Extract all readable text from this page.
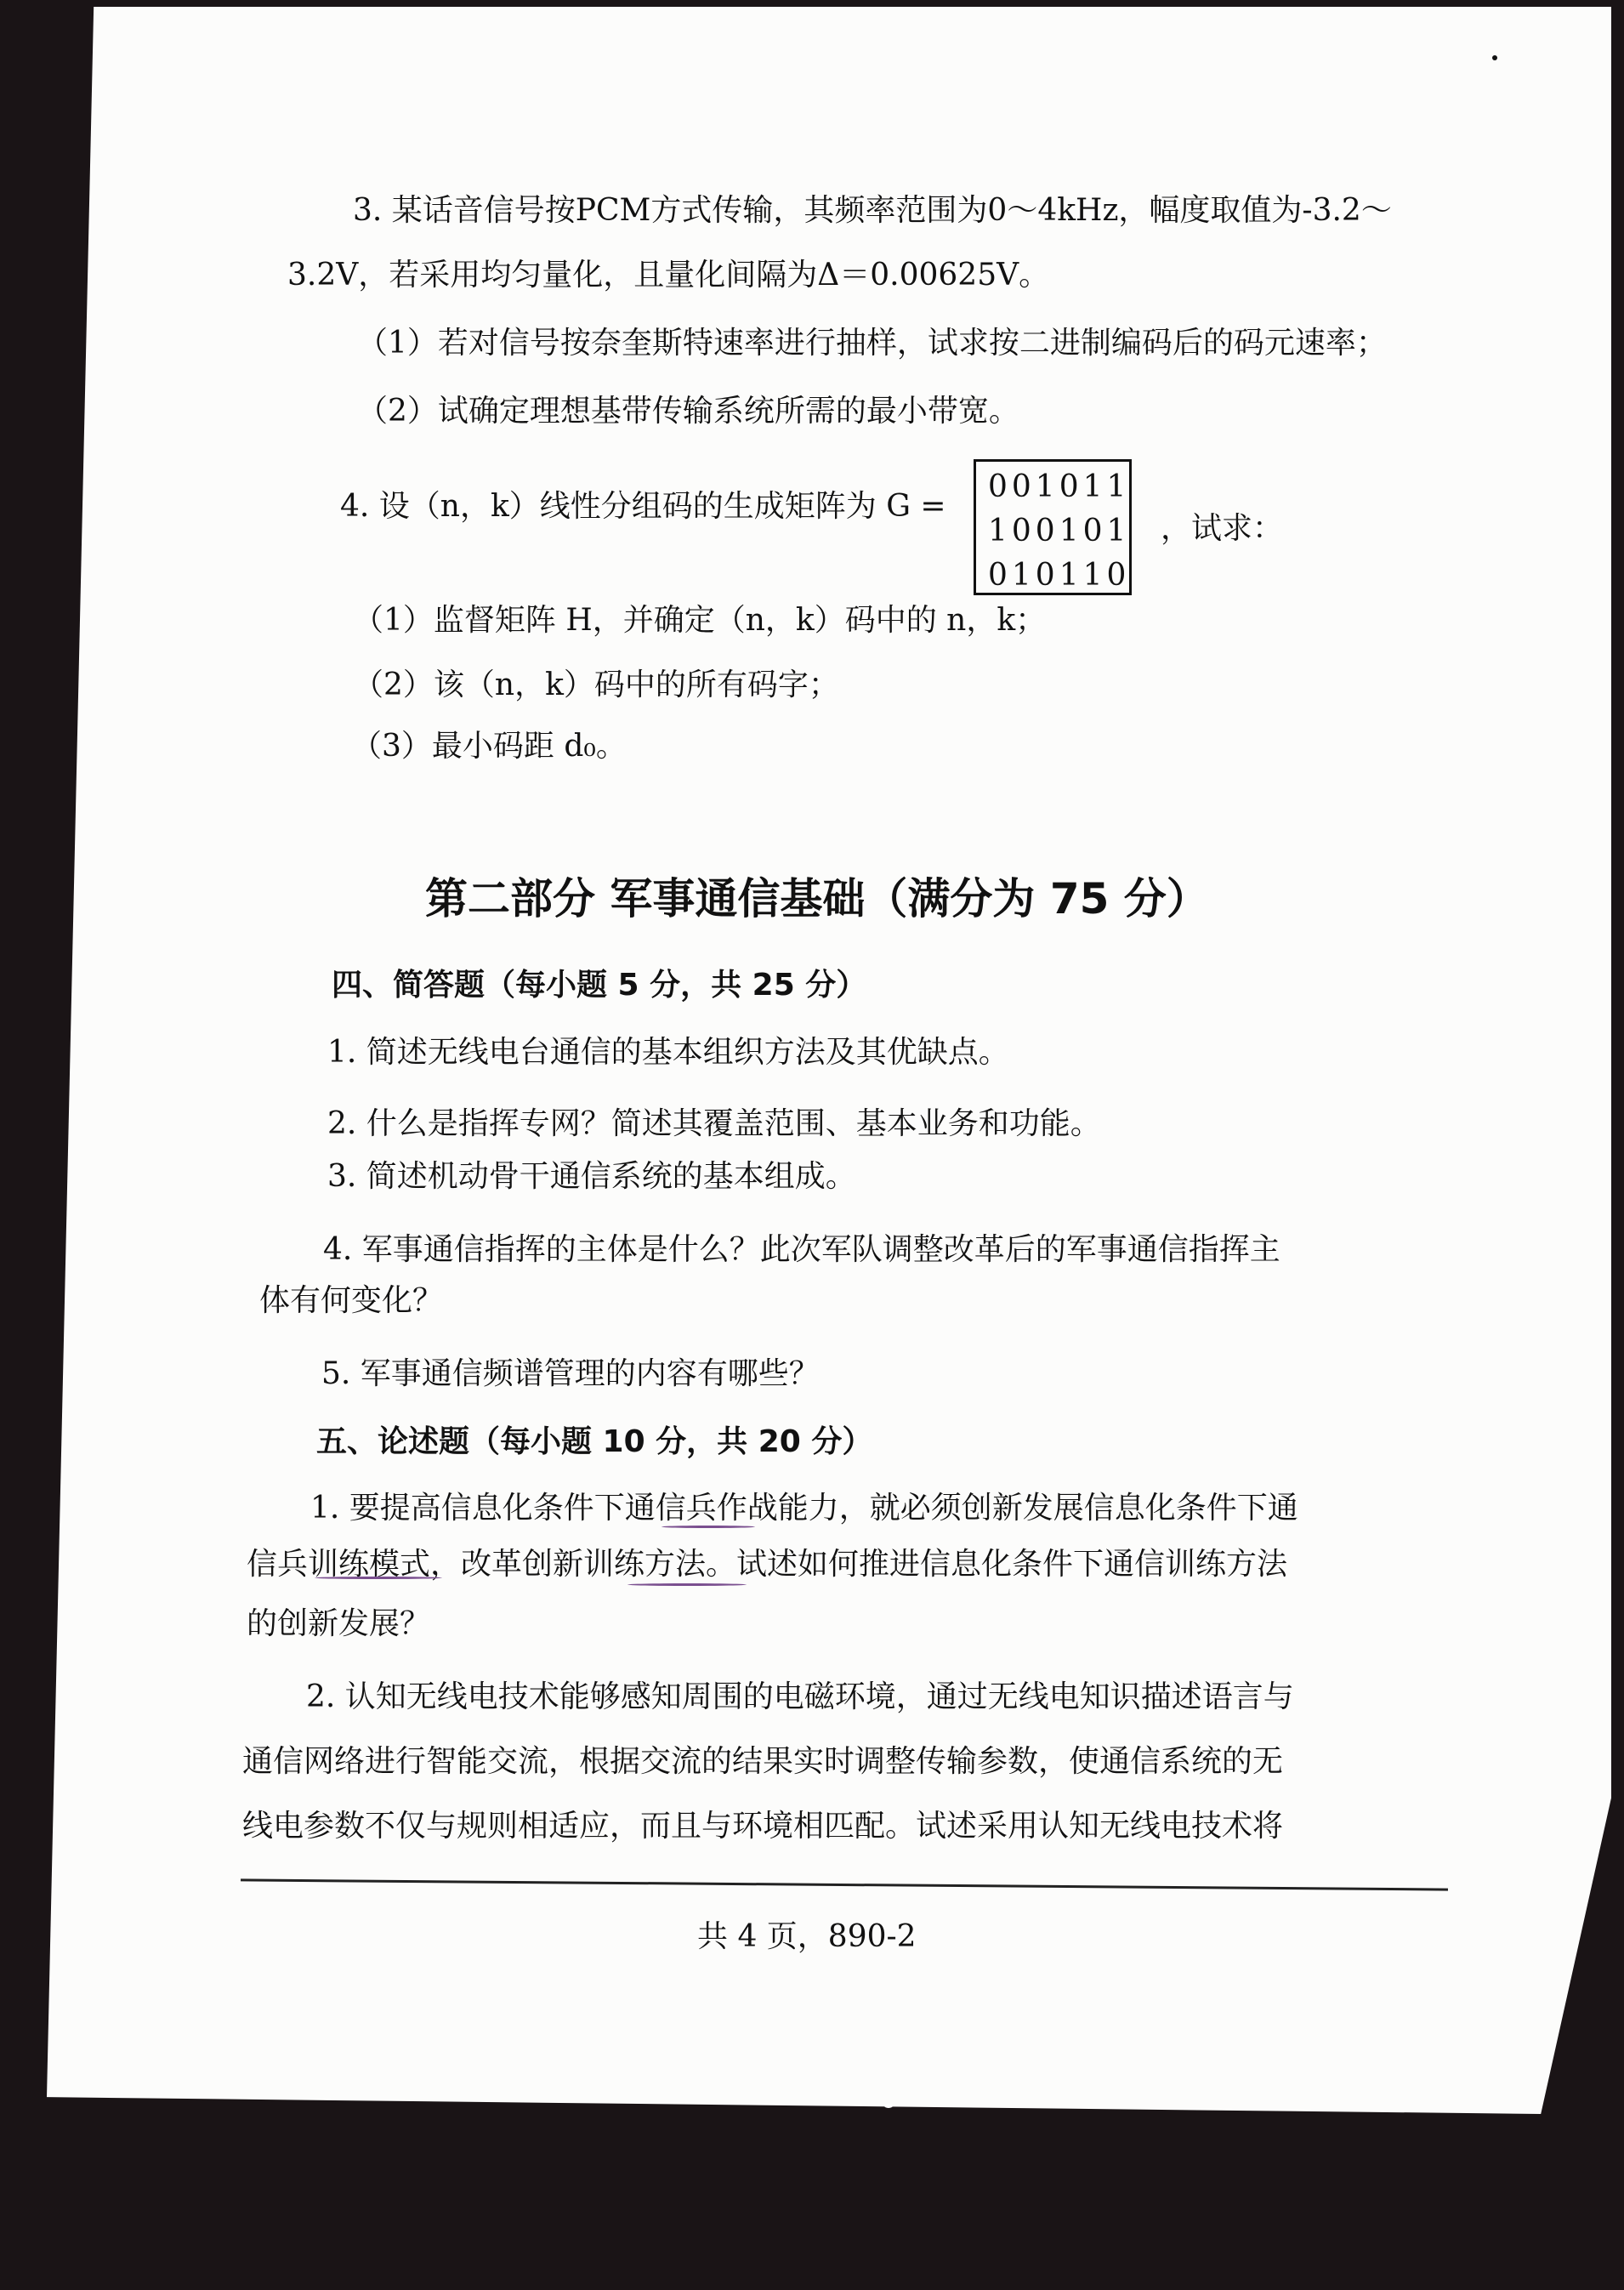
3. 某话音信号按PCM方式传输，其频率范围为0～4kHz，幅度取值为-3.2～
3.2V，若采用均匀量化，且量化间隔为Δ＝0.00625V。
（1）若对信号按奈奎斯特速率进行抽样，试求按二进制编码后的码元速率；
（2）试确定理想基带传输系统所需的最小带宽。
4. 设（n，k）线性分组码的生成矩阵为 G =
001011
100101
010110
，试求：
（1）监督矩阵 H，并确定（n，k）码中的 n，k；
（2）该（n，k）码中的所有码字；
（3）最小码距 d₀。
第二部分 军事通信基础（满分为 75 分）
四、简答题（每小题 5 分，共 25 分）
1. 简述无线电台通信的基本组织方法及其优缺点。
2. 什么是指挥专网？简述其覆盖范围、基本业务和功能。
3. 简述机动骨干通信系统的基本组成。
4. 军事通信指挥的主体是什么？此次军队调整改革后的军事通信指挥主
体有何变化？
5. 军事通信频谱管理的内容有哪些？
五、论述题（每小题 10 分，共 20 分）
1. 要提高信息化条件下通信兵作战能力，就必须创新发展信息化条件下通
信兵训练模式，改革创新训练方法。试述如何推进信息化条件下通信训练方法
的创新发展？
2. 认知无线电技术能够感知周围的电磁环境，通过无线电知识描述语言与
通信网络进行智能交流，根据交流的结果实时调整传输参数，使通信系统的无
线电参数不仅与规则相适应，而且与环境相匹配。试述采用认知无线电技术将
共 4 页，890-2
